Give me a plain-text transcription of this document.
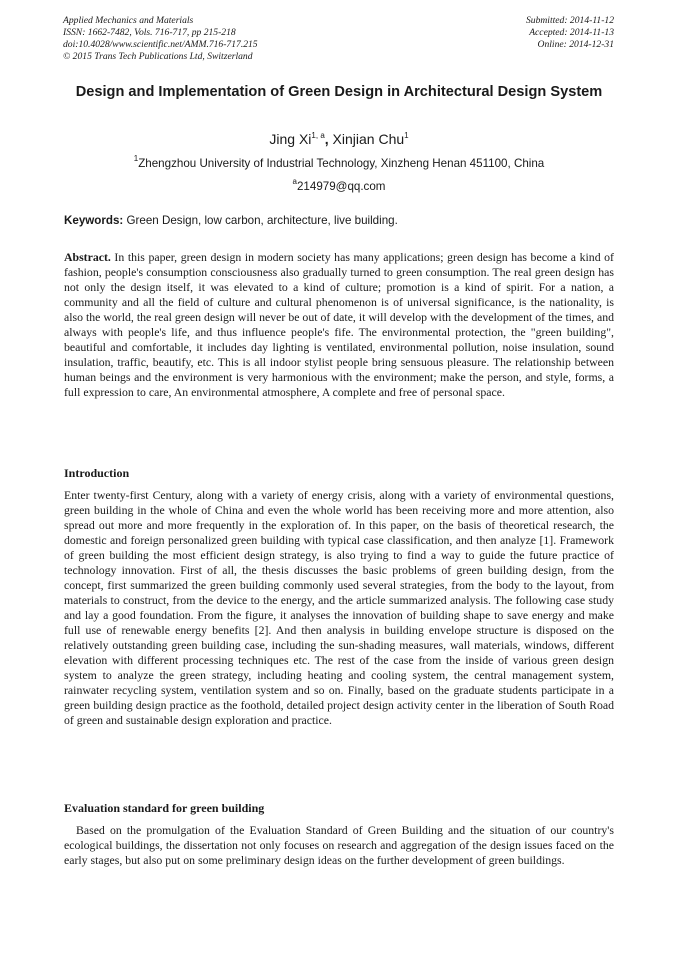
Applied Mechanics and Materials
ISSN: 1662-7482, Vols. 716-717, pp 215-218
doi:10.4028/www.scientific.net/AMM.716-717.215
© 2015 Trans Tech Publications Ltd, Switzerland
Submitted: 2014-11-12
Accepted: 2014-11-13
Online: 2014-12-31
Design and Implementation of Green Design in Architectural Design System
Jing Xi$^{1, a}$, Xinjian Chu$^1$
$^1$Zhengzhou University of Industrial Technology, Xinzheng Henan 451100, China
$^a$214979@qq.com
Keywords: Green Design, low carbon, architecture, live building.
Abstract. In this paper, green design in modern society has many applications; green design has become a kind of fashion, people's consumption consciousness also gradually turned to green consumption. The real green design has not only the design itself, it was elevated to a kind of culture; promotion is a kind of spirit. For a nation, a community and all the field of culture and cultural phenomenon is of universal significance, is the nationality, is also the world, the real green design will never be out of date, it will develop with the development of the times, and always with people's life, and thus influence people's fife. The environmental protection, the "green building", beautiful and comfortable, it includes day lighting is ventilated, environmental pollution, noise insulation, sound insulation, traffic, beautify, etc. This is all indoor stylist people bring sensuous pleasure. The relationship between human beings and the environment is very harmonious with the environment; make the person, and style, forms, a full expression to care, An environmental atmosphere, A complete and free of personal space.
Introduction
Enter twenty-first Century, along with a variety of energy crisis, along with a variety of environmental questions, green building in the whole of China and even the whole world has been receiving more and more attention, also spread out more and more frequently in the exploration of. In this paper, on the basis of theoretical research, the domestic and foreign personalized green building with typical case classification, and then analyze [1]. Framework of green building the most efficient design strategy, is also trying to find a way to guide the future practice of technology innovation. First of all, the thesis discusses the basic problems of green building design, from the concept, first summarized the green building commonly used several strategies, from the body to the layout, from materials to construct, from the device to the energy, and the article summarized analysis. The following case study and lay a good foundation. From the figure, it analyses the innovation of building shape to save energy and make full use of renewable energy benefits [2]. And then analysis in building envelope structure is disposed on the relatively outstanding green building case, including the sun-shading measures, wall materials, windows, different elevation with different processing techniques etc. The rest of the case from the inside of various green design system to analyze the green strategy, including heating and cooling system, the central management system, rainwater recycling system, ventilation system and so on. Finally, based on the graduate students participate in a green building design practice as the foothold, detailed project design activity center in the liberation of South Road of green and sustainable design exploration and practice.
Evaluation standard for green building
Based on the promulgation of the Evaluation Standard of Green Building and the situation of our country's ecological buildings, the dissertation not only focuses on research and aggregation of the design issues faced on the early stages, but also put on some preliminary design ideas on the further development of green buildings.
